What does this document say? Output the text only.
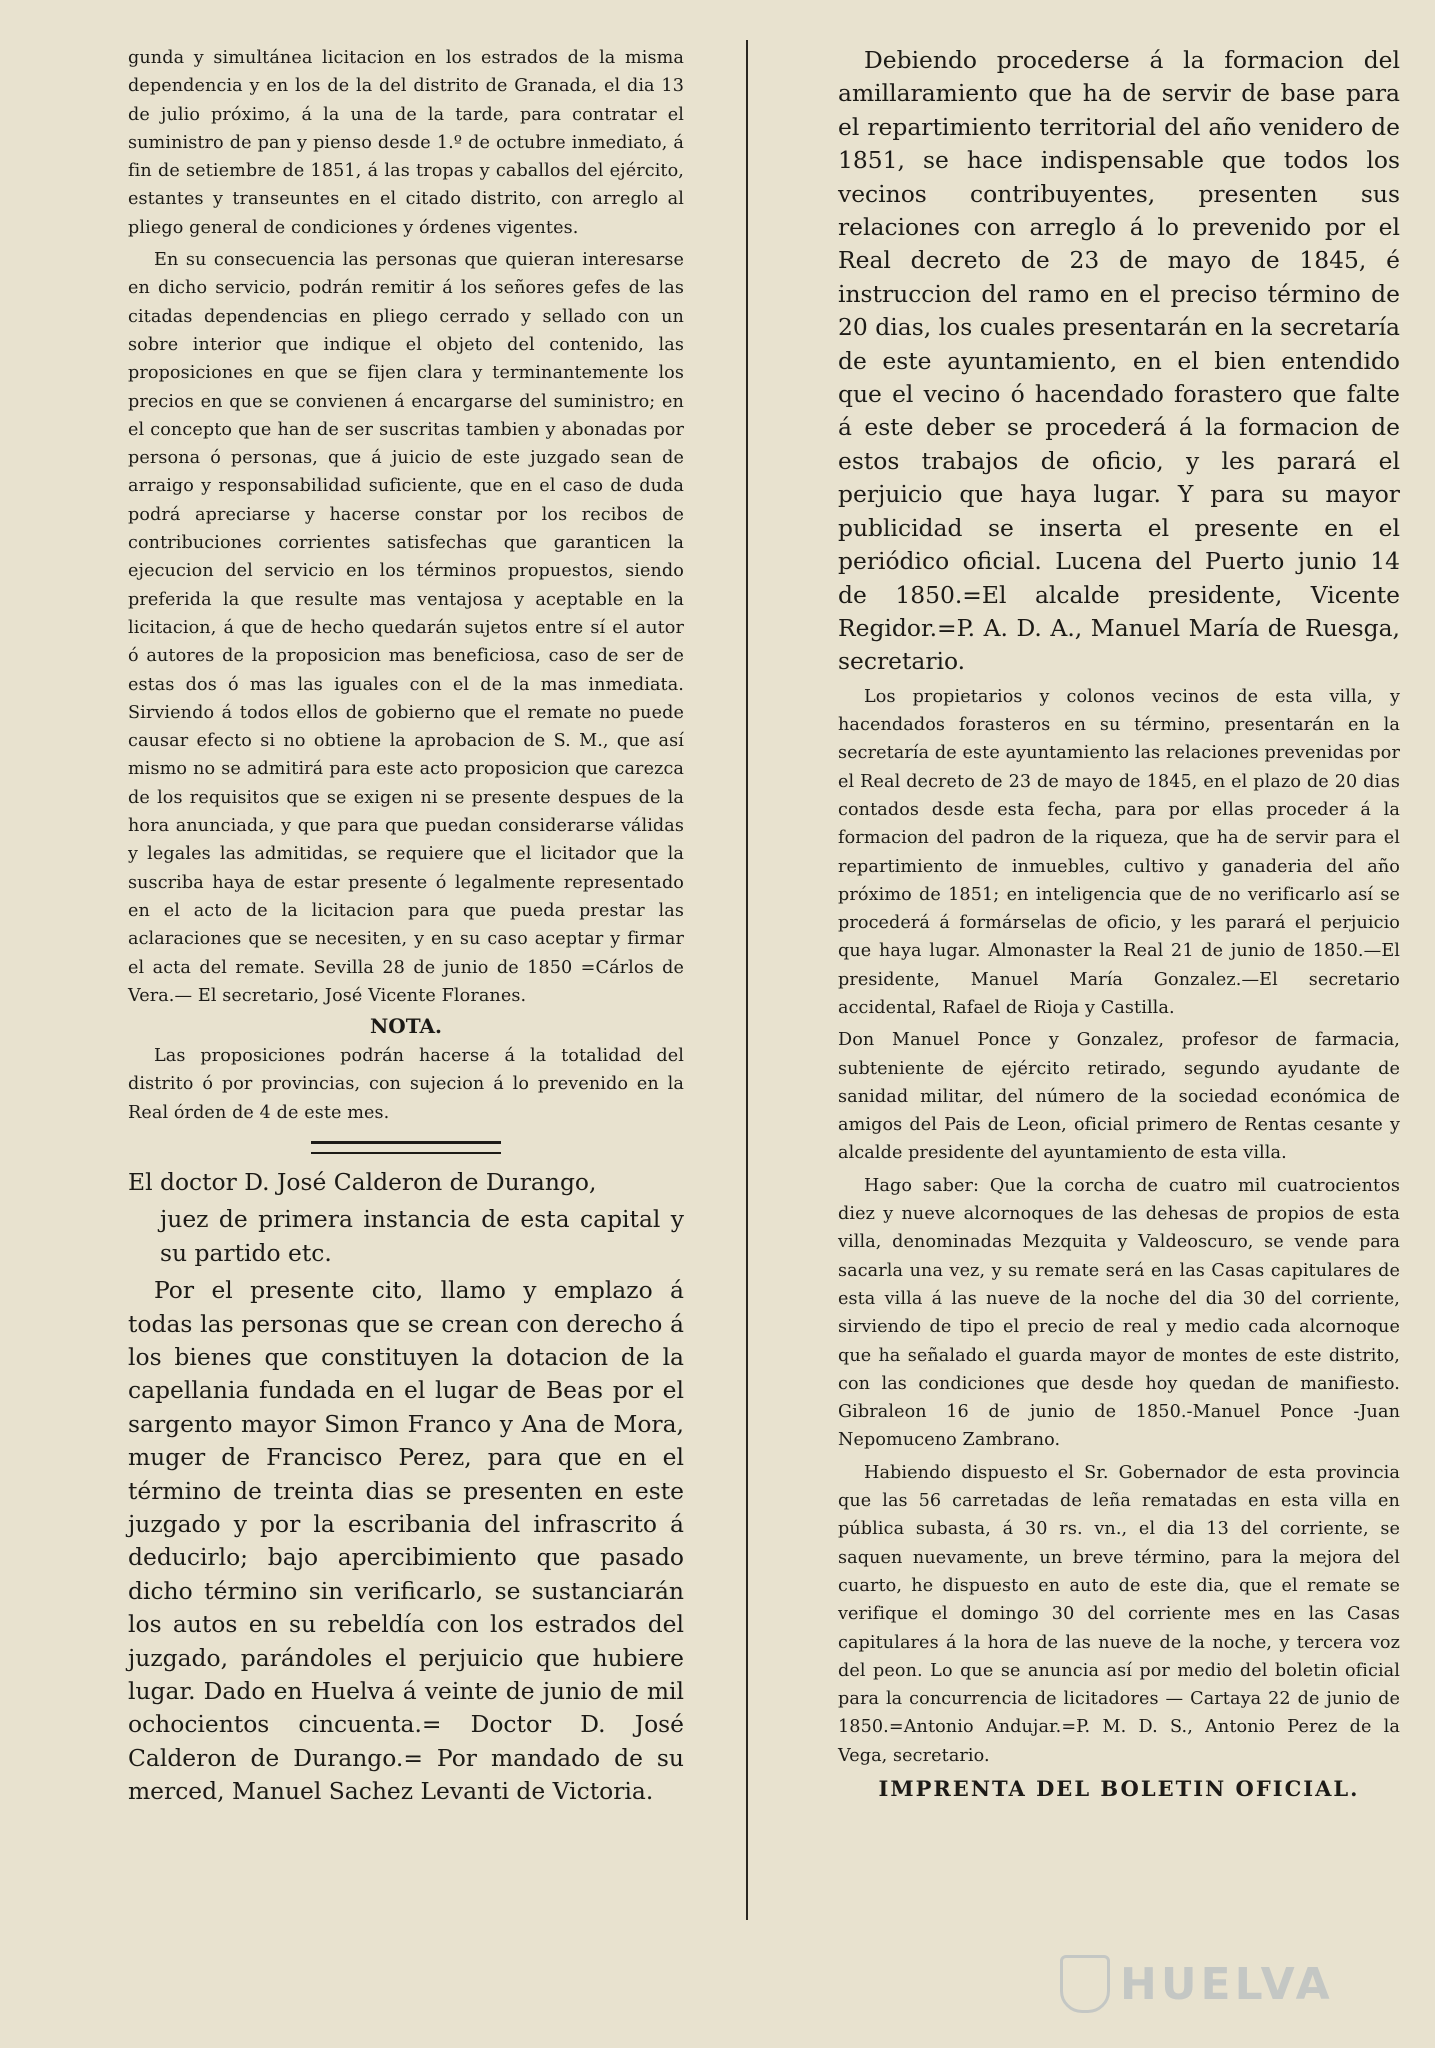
gunda y simultánea licitacion en los estrados de la misma dependencia y en los de la del distrito de Granada, el dia 13 de julio próximo, á la una de la tarde, para contratar el suministro de pan y pienso desde 1.º de octubre inmediato, á fin de setiembre de 1851, á las tropas y caballos del ejército, estantes y transeuntes en el citado distrito, con arreglo al pliego general de condiciones y órdenes vigentes.

En su consecuencia las personas que quieran interesarse en dicho servicio, podrán remitir á los señores gefes de las citadas dependencias en pliego cerrado y sellado con un sobre interior que indique el objeto del contenido, las proposiciones en que se fijen clara y terminantemente los precios en que se convienen á encargarse del suministro; en el concepto que han de ser suscritas tambien y abonadas por persona ó personas, que á juicio de este juzgado sean de arraigo y responsabilidad suficiente, que en el caso de duda podrá apreciarse y hacerse constar por los recibos de contribuciones corrientes satisfechas que garanticen la ejecucion del servicio en los términos propuestos, siendo preferida la que resulte mas ventajosa y aceptable en la licitacion, á que de hecho quedarán sujetos entre sí el autor ó autores de la proposicion mas beneficiosa, caso de ser de estas dos ó mas las iguales con el de la mas inmediata. Sirviendo á todos ellos de gobierno que el remate no puede causar efecto si no obtiene la aprobacion de S. M., que así mismo no se admitirá para este acto proposicion que carezca de los requisitos que se exigen ni se presente despues de la hora anunciada, y que para que puedan considerarse válidas y legales las admitidas, se requiere que el licitador que la suscriba haya de estar presente ó legalmente representado en el acto de la licitacion para que pueda prestar las aclaraciones que se necesiten, y en su caso aceptar y firmar el acta del remate. Sevilla 28 de junio de 1850 =Cárlos de Vera.— El secretario, José Vicente Floranes.

NOTA.

Las proposiciones podrán hacerse á la totalidad del distrito ó por provincias, con sujecion á lo prevenido en la Real órden de 4 de este mes.

El doctor D. José Calderon de Durango,

juez de primera instancia de esta capital y su partido etc.

Por el presente cito, llamo y emplazo á todas las personas que se crean con derecho á los bienes que constituyen la dotacion de la capellania fundada en el lugar de Beas por el sargento mayor Simon Franco y Ana de Mora, muger de Francisco Perez, para que en el término de treinta dias se presenten en este juzgado y por la escribania del infrascrito á deducirlo; bajo apercibimiento que pasado dicho término sin verificarlo, se sustanciarán los autos en su rebeldía con los estrados del juzgado, parándoles el perjuicio que hubiere lugar. Dado en Huelva á veinte de junio de mil ochocientos cincuenta.= Doctor D. José Calderon de Durango.= Por mandado de su merced, Manuel Sachez Levanti de Victoria.

Debiendo procederse á la formacion del amillaramiento que ha de servir de base para el repartimiento territorial del año venidero de 1851, se hace indispensable que todos los vecinos contribuyentes, presenten sus relaciones con arreglo á lo prevenido por el Real decreto de 23 de mayo de 1845, é instruccion del ramo en el preciso término de 20 dias, los cuales presentarán en la secretaría de este ayuntamiento, en el bien entendido que el vecino ó hacendado forastero que falte á este deber se procederá á la formacion de estos trabajos de oficio, y les parará el perjuicio que haya lugar. Y para su mayor publicidad se inserta el presente en el periódico oficial. Lucena del Puerto junio 14 de 1850.=El alcalde presidente, Vicente Regidor.=P. A. D. A., Manuel María de Ruesga, secretario.

Los propietarios y colonos vecinos de esta villa, y hacendados forasteros en su término, presentarán en la secretaría de este ayuntamiento las relaciones prevenidas por el Real decreto de 23 de mayo de 1845, en el plazo de 20 dias contados desde esta fecha, para por ellas proceder á la formacion del padron de la riqueza, que ha de servir para el repartimiento de inmuebles, cultivo y ganaderia del año próximo de 1851; en inteligencia que de no verificarlo así se procederá á formárselas de oficio, y les parará el perjuicio que haya lugar. Almonaster la Real 21 de junio de 1850.—El presidente, Manuel María Gonzalez.—El secretario accidental, Rafael de Rioja y Castilla.

Don Manuel Ponce y Gonzalez, profesor de farmacia, subteniente de ejército retirado, segundo ayudante de sanidad militar, del número de la sociedad económica de amigos del Pais de Leon, oficial primero de Rentas cesante y alcalde presidente del ayuntamiento de esta villa.

Hago saber: Que la corcha de cuatro mil cuatrocientos diez y nueve alcornoques de las dehesas de propios de esta villa, denominadas Mezquita y Valdeoscuro, se vende para sacarla una vez, y su remate será en las Casas capitulares de esta villa á las nueve de la noche del dia 30 del corriente, sirviendo de tipo el precio de real y medio cada alcornoque que ha señalado el guarda mayor de montes de este distrito, con las condiciones que desde hoy quedan de manifiesto. Gibraleon 16 de junio de 1850.-Manuel Ponce -Juan Nepomuceno Zambrano.

Habiendo dispuesto el Sr. Gobernador de esta provincia que las 56 carretadas de leña rematadas en esta villa en pública subasta, á 30 rs. vn., el dia 13 del corriente, se saquen nuevamente, un breve término, para la mejora del cuarto, he dispuesto en auto de este dia, que el remate se verifique el domingo 30 del corriente mes en las Casas capitulares á la hora de las nueve de la noche, y tercera voz del peon. Lo que se anuncia así por medio del boletin oficial para la concurrencia de licitadores — Cartaya 22 de junio de 1850.=Antonio Andujar.=P. M. D. S., Antonio Perez de la Vega, secretario.

IMPRENTA DEL BOLETIN OFICIAL.
HUELVA
